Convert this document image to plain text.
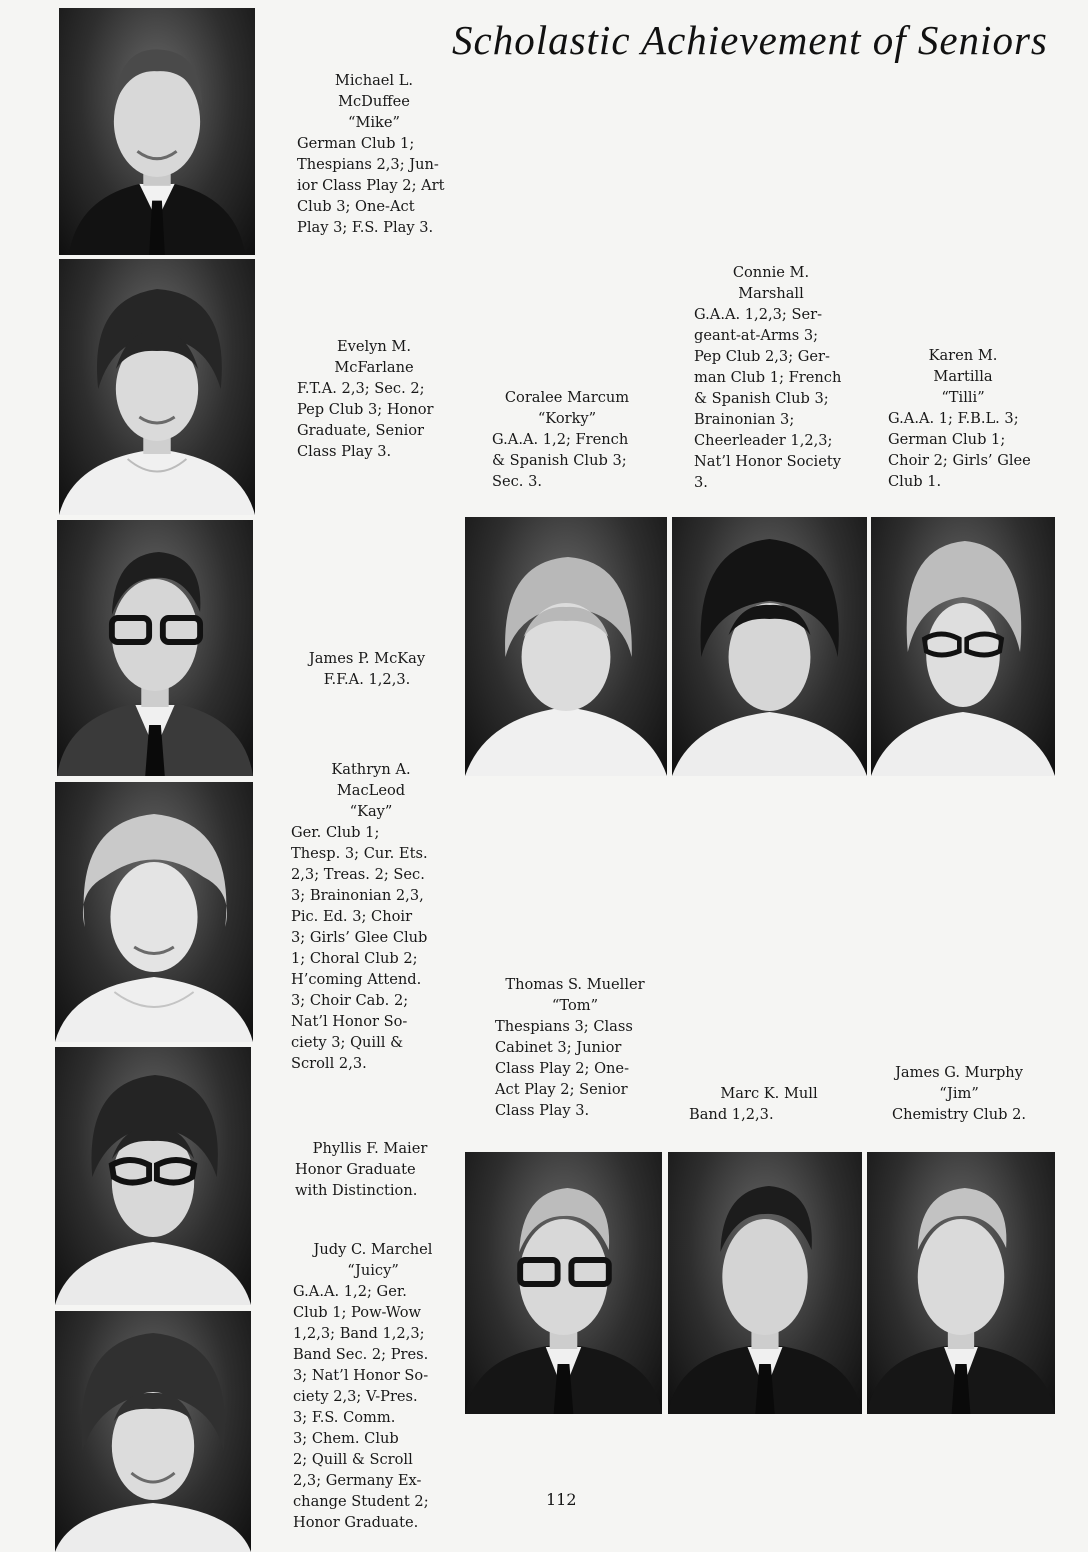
Scholastic Achievement of Seniors
Michael L.
McDuffee
“Mike”
German Club 1;
Thespians 2,3; Jun-
ior Class Play 2; Art
Club 3; One-Act
Play 3; F.S. Play 3.
Evelyn M.
McFarlane
F.T.A. 2,3; Sec. 2;
Pep Club 3; Honor
Graduate, Senior
Class Play 3.
James P. McKay
F.F.A. 1,2,3.
Kathryn A.
MacLeod
“Kay”
Ger. Club 1;
Thesp. 3; Cur. Ets.
2,3; Treas. 2; Sec.
3; Brainonian 2,3,
Pic. Ed. 3; Choir
3; Girls’ Glee Club
1; Choral Club 2;
H’coming Attend.
3; Choir Cab. 2;
Nat’l Honor So-
ciety 3; Quill &
Scroll 2,3.
Phyllis F. Maier
Honor Graduate
with Distinction.
Judy C. Marchel
“Juicy”
G.A.A. 1,2; Ger.
Club 1; Pow-Wow
1,2,3; Band 1,2,3;
Band Sec. 2; Pres.
3; Nat’l Honor So-
ciety 2,3; V-Pres.
3; F.S. Comm.
3; Chem. Club
2; Quill & Scroll
2,3; Germany Ex-
change Student 2;
Honor Graduate.
Coralee Marcum
“Korky”
G.A.A. 1,2; French
& Spanish Club 3;
Sec. 3.
Connie M.
Marshall
G.A.A. 1,2,3; Ser-
geant-at-Arms 3;
Pep Club 2,3; Ger-
man Club 1; French
& Spanish Club 3;
Brainonian 3;
Cheerleader 1,2,3;
Nat’l Honor Society
3.
Karen M.
Martilla
“Tilli”
G.A.A. 1; F.B.L. 3;
German Club 1;
Choir 2; Girls’ Glee
Club 1.
Thomas S. Mueller
“Tom”
Thespians 3; Class
Cabinet 3; Junior
Class Play 2; One-
Act Play 2; Senior
Class Play 3.
Marc K. Mull
Band 1,2,3.
James G. Murphy
“Jim”
Chemistry Club 2.
112
